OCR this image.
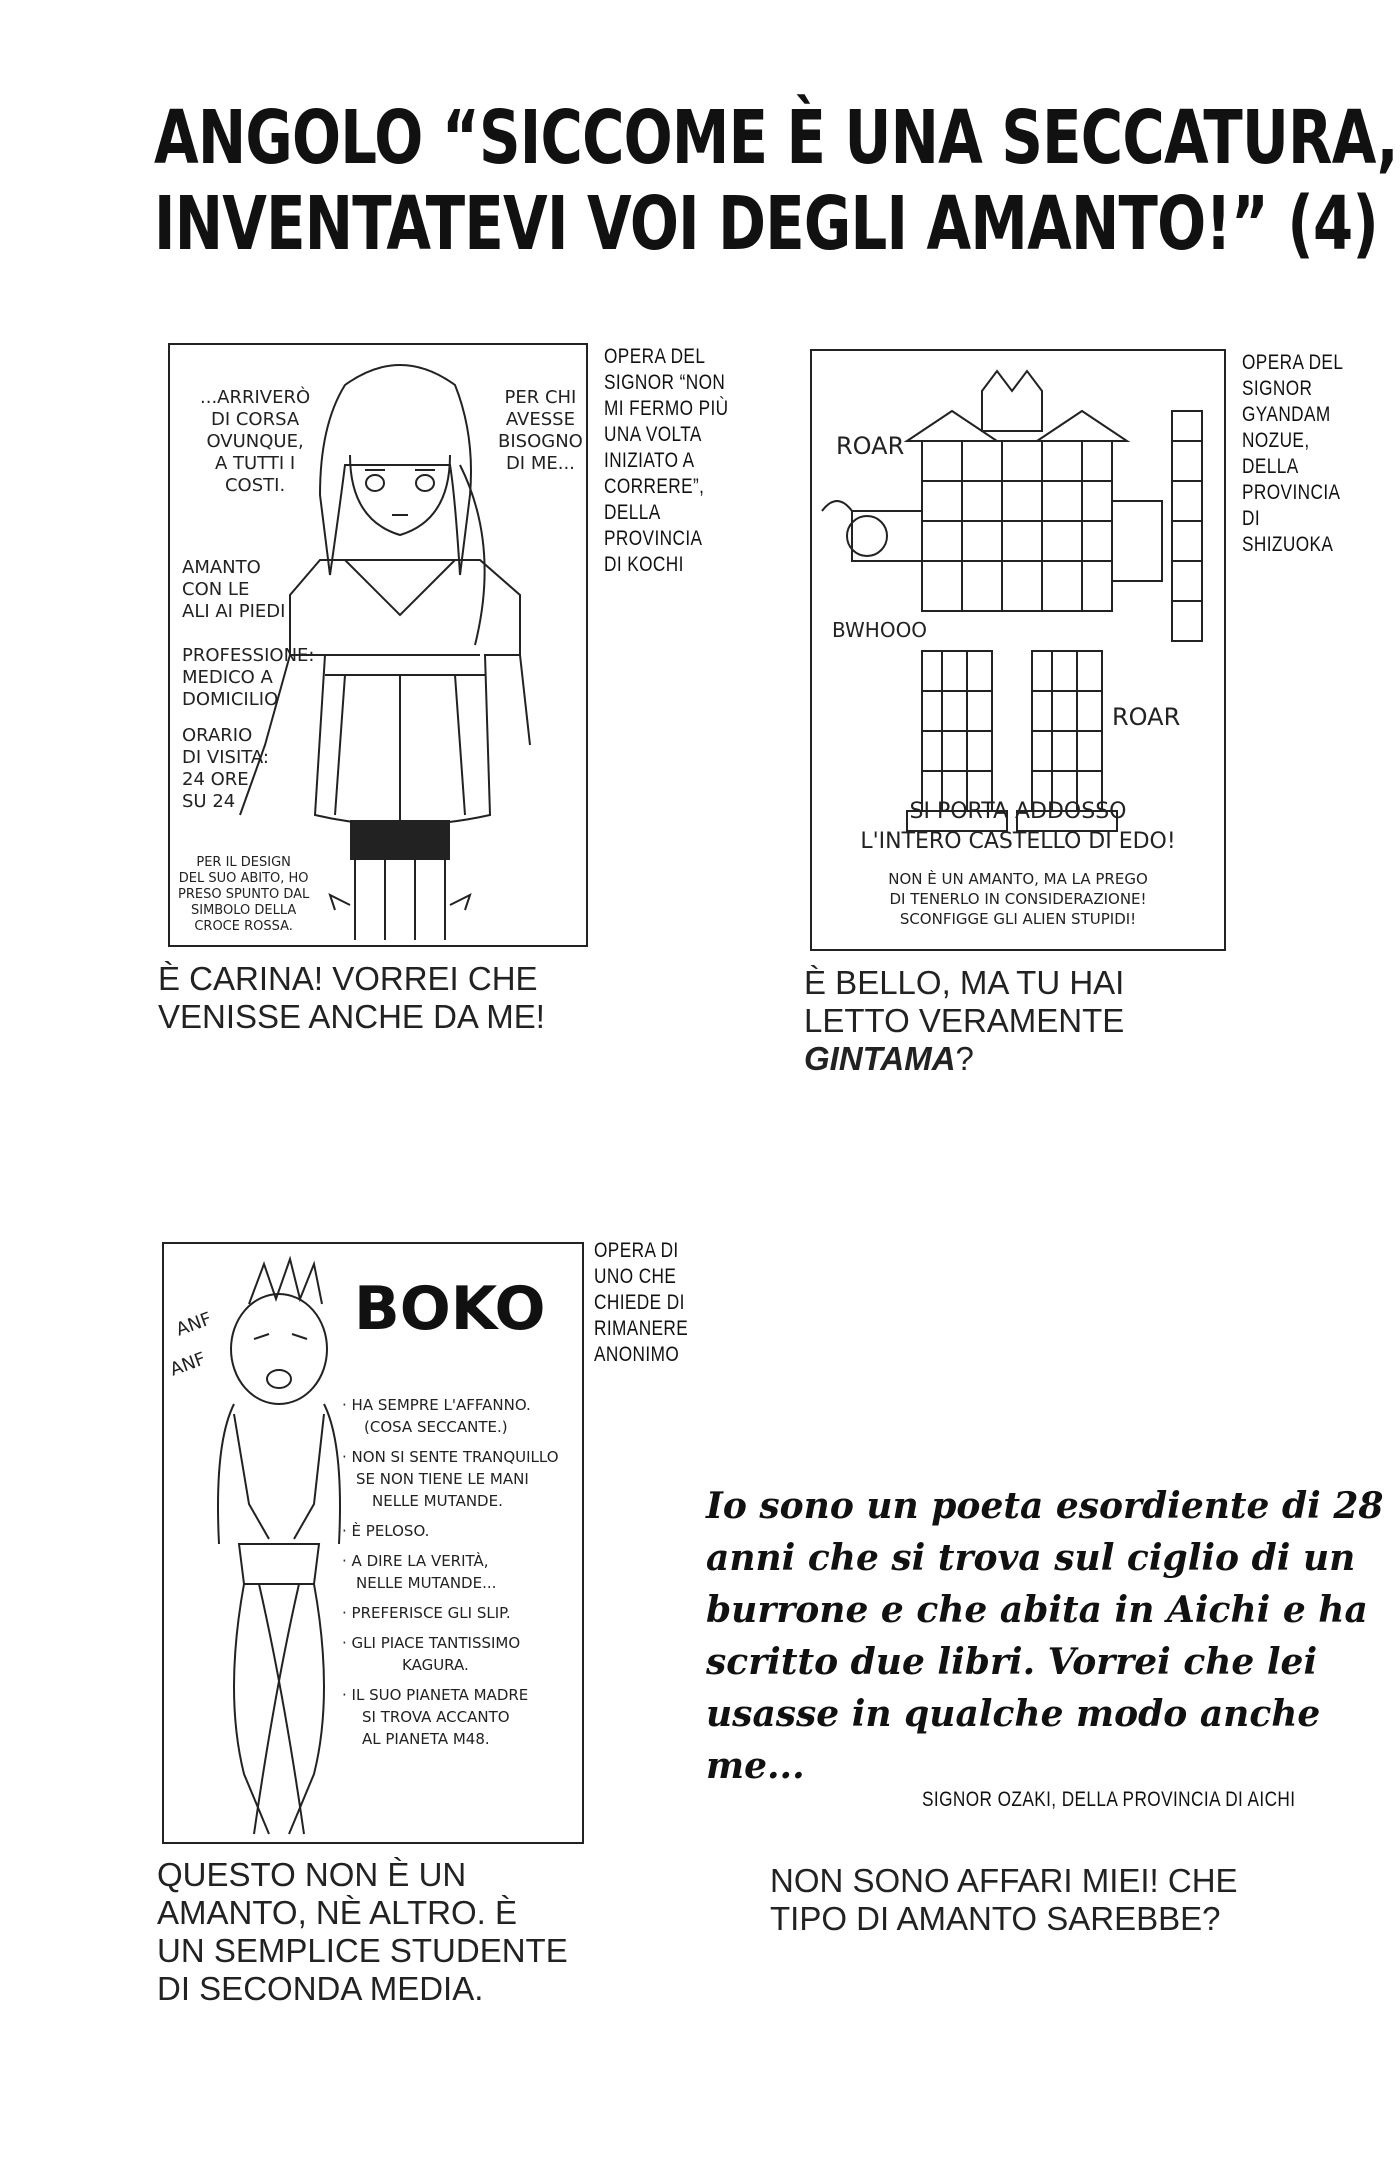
ANGOLO “SICCOME È UNA SECCATURA,
INVENTATEVI VOI DEGLI AMANTO!” (4)
...ARRIVERÒ
DI CORSA
OVUNQUE,
A TUTTI I
COSTI.
PER CHI
AVESSE
BISOGNO
DI ME...
AMANTO
CON LE
ALI AI PIEDI
PROFESSIONE:
MEDICO A
DOMICILIO
ORARIO
DI VISITA:
24 ORE
SU 24
PER IL DESIGN
DEL SUO ABITO, HO
PRESO SPUNTO DAL
SIMBOLO DELLA
CROCE ROSSA.
OPERA DEL
SIGNOR “NON
MI FERMO PIÙ
UNA VOLTA
INIZIATO A
CORRERE”,
DELLA
PROVINCIA
DI KOCHI
È CARINA! VORREI CHE
VENISSE ANCHE DA ME!
ROAR
BWHOOO
ROAR
SI PORTA ADDOSSO
L'INTERO CASTELLO DI EDO!
NON È UN AMANTO, MA LA PREGO
DI TENERLO IN CONSIDERAZIONE!
SCONFIGGE GLI ALIEN STUPIDI!
OPERA DEL
SIGNOR
GYANDAM
NOZUE,
DELLA
PROVINCIA
DI
SHIZUOKA
È BELLO, MA TU HAI
LETTO VERAMENTE
GINTAMA?
BOKO
ANF
ANF
· HA SEMPRE L'AFFANNO.
(COSA SECCANTE.)
· NON SI SENTE TRANQUILLO
SE NON TIENE LE MANI
NELLE MUTANDE.
· È PELOSO.
· A DIRE LA VERITÀ,
NELLE MUTANDE...
· PREFERISCE GLI SLIP.
· GLI PIACE TANTISSIMO
KAGURA.
· IL SUO PIANETA MADRE
SI TROVA ACCANTO
AL PIANETA M48.
OPERA DI
UNO CHE
CHIEDE DI
RIMANERE
ANONIMO
QUESTO NON È UN
AMANTO, NÈ ALTRO. È
UN SEMPLICE STUDENTE
DI SECONDA MEDIA.
Io sono un poeta esordiente di 28
anni che si trova sul ciglio di un
burrone e che abita in Aichi e ha
scritto due libri. Vorrei che lei
usasse in qualche modo anche me...
SIGNOR OZAKI, DELLA PROVINCIA DI AICHI
NON SONO AFFARI MIEI! CHE
TIPO DI AMANTO SAREBBE?
